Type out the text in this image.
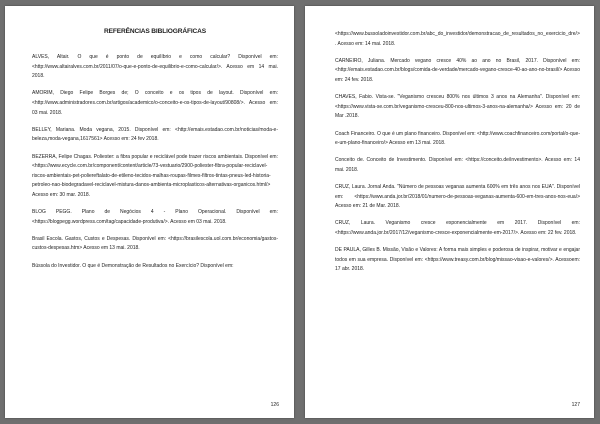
REFERÊNCIAS BIBLIOGRÁFICAS

ALVES, Altair. O que é ponto de equilíbrio e como calcular? Disponível em: <http://www.altairalves.com.br/2011/07/o-que-e-ponto-de-equilibrio-e-como-calcular/>. Acesso em 14 mai. 2018.

AMORIM, Diego Felipe Borges de; O conceito e os tipos de layout. Disponível em: <http://www.administradores.com.br/artigos/academico/o-conceito-e-os-tipos-de-layout/90808/>. Acesso em: 03 mai. 2018.

BELLEY, Mariana. Moda vegana, 2015. Disponível em: <http://emais.estadao.com.br/noticias/moda-e-beleza,moda-vegana,1617561> Acesso em: 24 fev 2018.

BEZERRA, Felipe Chagas. Poliester: a fibra popular e reciclável pode trazer riscos ambientais. Disponível em: <https://www.ecycle.com.br/component/content/article/73-vestuario/2900-poliester-fibra-popular-reciclavel-riscos-ambientais-pet-poliereftalato-de-etileno-tecidos-malhas-roupas-filmes-filtros-tintas-pneus-led-historia-petroleo-nao-biodegradavel-reciclavel-mistura-danos-ambienta-microplasticos-alternativas-organicos.html/> Acesso em: 30 mar. 2018.

BLOG PEGG. Plano de Negócios 4 - Plano Operacional. Disponível em: <https://blogpegg.wordpress.com/tag/capacidade-produtiva/>. Acesso em 03 mai. 2018.

Brasil Escola. Gastos, Custos e Despesas. Disponível em: <https://brasilescola.uol.com.br/economia/gastos-custos-despesas.htm> Acesso em 13 mai. 2018.

Bússola do Investidor. O que é Demonstração de Resultados no Exercício? Disponível em:

126

<https://www.bussoladoinvestidor.com.br/abc_do_investidor/demonstracao_de_resultados_no_exercicio_dre/>. Acesso em: 14 mai. 2018.

CARNEIRO, Juliana. Mercado vegano cresce 40% ao ano no Brasil, 2017. Disponível em: <http://emais.estadao.com.br/blogs/comida-de-verdade/mercado-vegano-cresce-40-ao-ano-no-brasil/> Acesso em: 24 fev. 2018.

CHAVES, Fabio. Vista-se. "Veganismo cresceu 800% nos últimos 3 anos na Alemanha". Disponível em: <https://www.vista-se.com.br/veganismo-cresceu-800-nos-ultimos-3-anos-na-alemanha/> Acesso em: 20 de Mar .2018.

Coach Financeiro. O que é um plano financeiro. Disponível em: <http://www.coachfinanceiro.com/portal/o-que-e-um-plano-financeiro/> Acesso em 13 mai. 2018.

Conceito de. Conceito de Investimento. Disponível em: <https://conceito.de/investimento>. Acesso em: 14 mai. 2018.

CRUZ, Laura. Jornal Anda. "Número de pessoas veganas aumenta 600% em três anos nos EUA". Disponível em: <https://www.anda.jor.br/2018/01/numero-de-pessoas-veganas-aumenta-600-em-tres-anos-nos-eua/> Acesso em: 21 de Mar. 2018.

CRUZ, Laura. Veganismo cresce exponencialmente em 2017. Disponível em: <https://www.anda.jor.br/2017/12/veganismo-cresce-exponencialmente-em-2017/>. Acesso em: 22 fev. 2018.

DE PAULA, Gilles B. Missão, Visão e Valores: A forma mais simples e poderosa de inspirar, motivar e engajar todos em sua empresa. Disponível em: <https://www.treasy.com.br/blog/missao-visao-e-valores/>. Acessoem: 17 abr. 2018.

127
